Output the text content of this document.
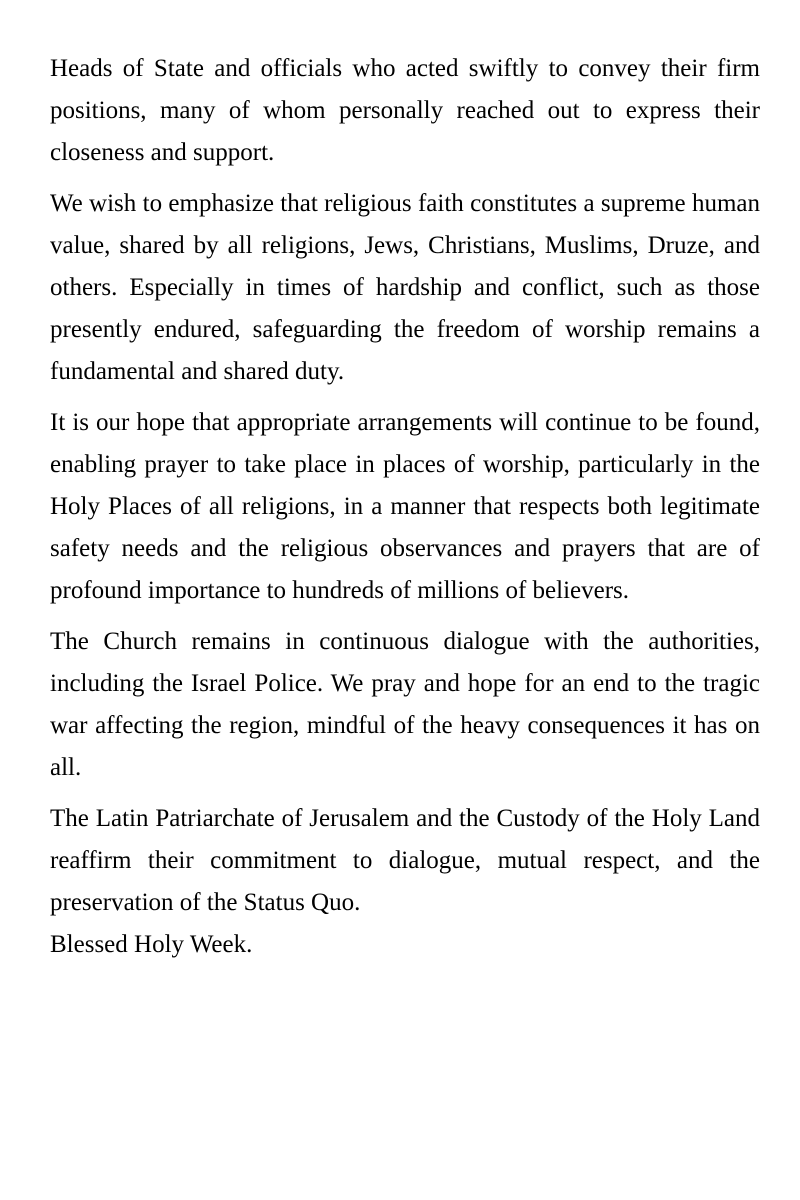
Heads of State and officials who acted swiftly to convey their firm positions, many of whom personally reached out to express their closeness and support.

We wish to emphasize that religious faith constitutes a supreme human value, shared by all religions, Jews, Christians, Muslims, Druze, and others. Especially in times of hardship and conflict, such as those presently endured, safeguarding the freedom of worship remains a fundamental and shared duty.

It is our hope that appropriate arrangements will continue to be found, enabling prayer to take place in places of worship, particularly in the Holy Places of all religions, in a manner that respects both legitimate safety needs and the religious observances and prayers that are of profound importance to hundreds of millions of believers.

The Church remains in continuous dialogue with the authorities, including the Israel Police. We pray and hope for an end to the tragic war affecting the region, mindful of the heavy consequences it has on all.

The Latin Patriarchate of Jerusalem and the Custody of the Holy Land reaffirm their commitment to dialogue, mutual respect, and the preservation of the Status Quo.

Blessed Holy Week.
